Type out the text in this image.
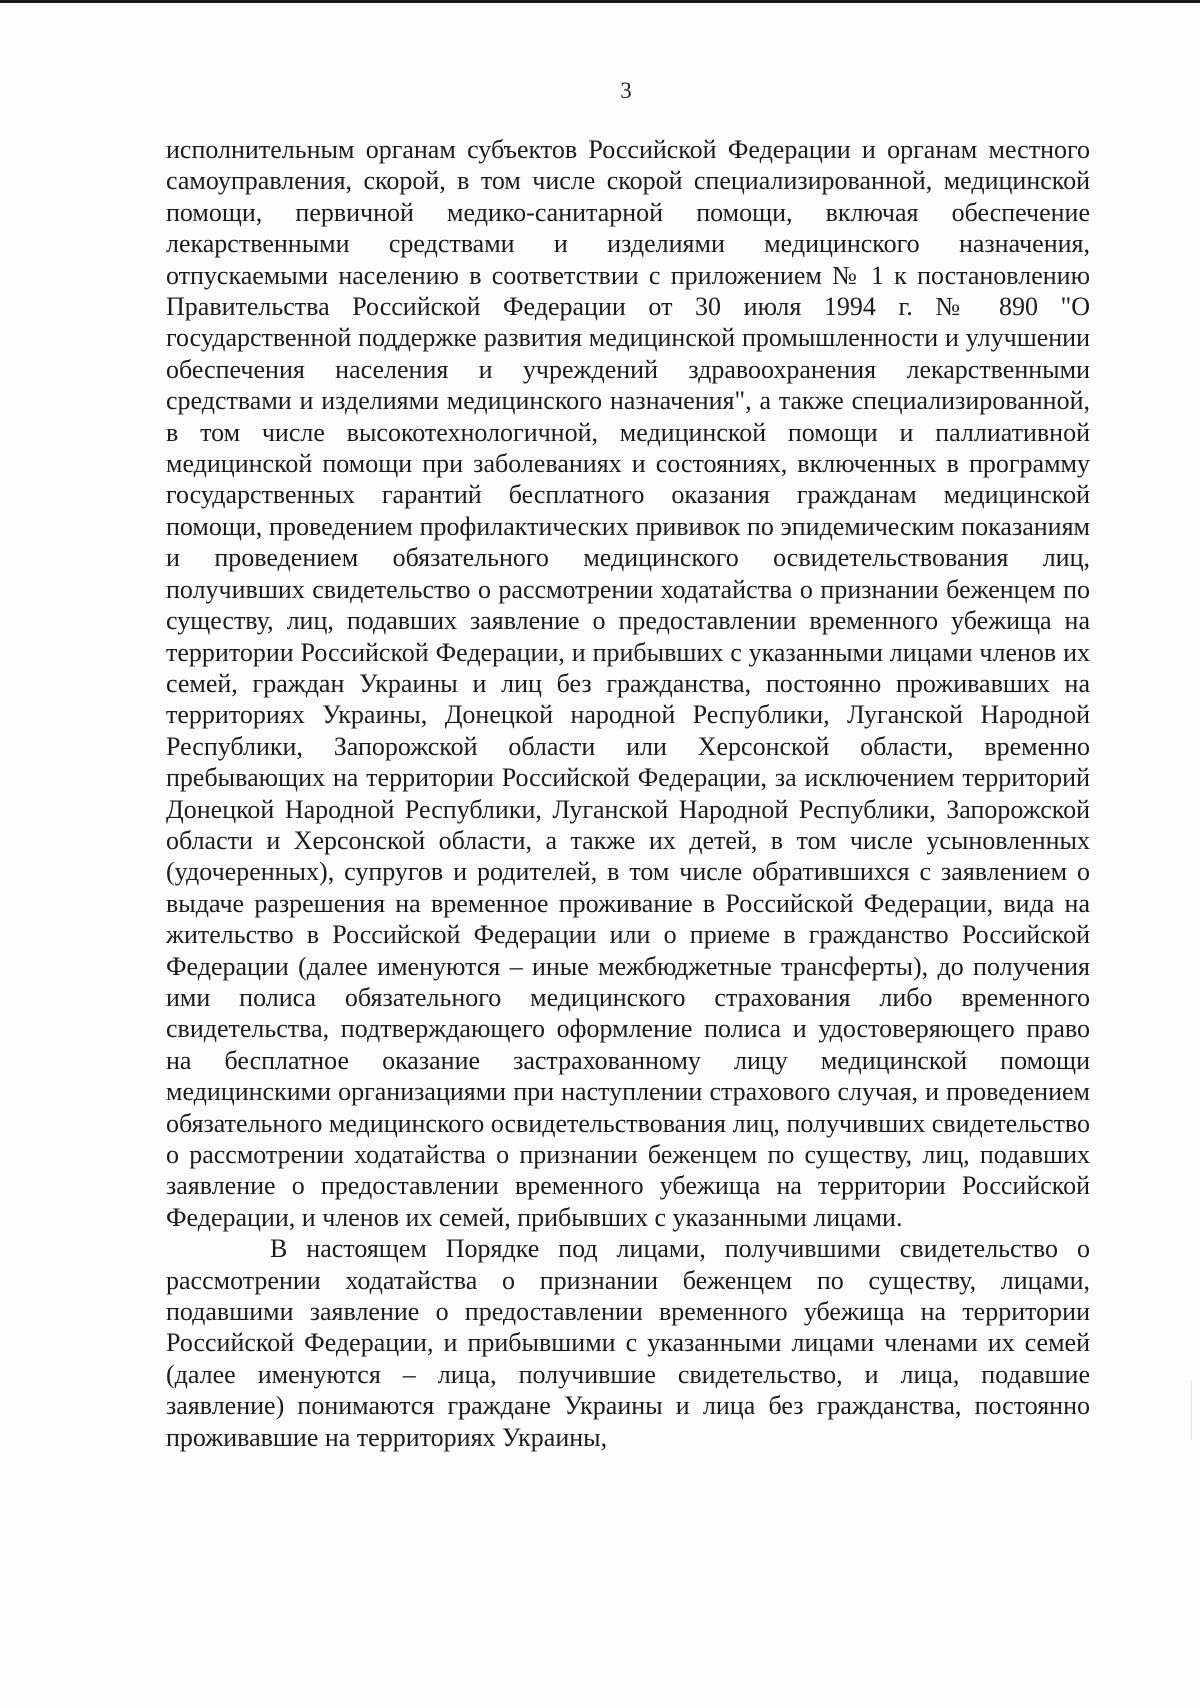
3

исполнительным органам субъектов Российской Федерации и органам местного самоуправления, скорой, в том числе скорой специализированной, медицинской помощи, первичной медико-санитарной помощи, включая обеспечение лекарственными средствами и изделиями медицинского назначения, отпускаемыми населению в соответствии с приложением № 1 к постановлению Правительства Российской Федерации от 30 июля 1994 г. № 890 "О государственной поддержке развития медицинской промышленности и улучшении обеспечения населения и учреждений здравоохранения лекарственными средствами и изделиями медицинского назначения", а также специализированной, в том числе высокотехнологичной, медицинской помощи и паллиативной медицинской помощи при заболеваниях и состояниях, включенных в программу государственных гарантий бесплатного оказания гражданам медицинской помощи, проведением профилактических прививок по эпидемическим показаниям и проведением обязательного медицинского освидетельствования лиц, получивших свидетельство о рассмотрении ходатайства о признании беженцем по существу, лиц, подавших заявление о предоставлении временного убежища на территории Российской Федерации, и прибывших с указанными лицами членов их семей, граждан Украины и лиц без гражданства, постоянно проживавших на территориях Украины, Донецкой народной Республики, Луганской Народной Республики, Запорожской области или Херсонской области, временно пребывающих на территории Российской Федерации, за исключением территорий Донецкой Народной Республики, Луганской Народной Республики, Запорожской области и Херсонской области, а также их детей, в том числе усыновленных (удочеренных), супругов и родителей, в том числе обратившихся с заявлением о выдаче разрешения на временное проживание в Российской Федерации, вида на жительство в Российской Федерации или о приеме в гражданство Российской Федерации (далее именуются – иные межбюджетные трансферты), до получения ими полиса обязательного медицинского страхования либо временного свидетельства, подтверждающего оформление полиса и удостоверяющего право на бесплатное оказание застрахованному лицу медицинской помощи медицинскими организациями при наступлении страхового случая, и проведением обязательного медицинского освидетельствования лиц, получивших свидетельство о рассмотрении ходатайства о признании беженцем по существу, лиц, подавших заявление о предоставлении временного убежища на территории Российской Федерации, и членов их семей, прибывших с указанными лицами.

В настоящем Порядке под лицами, получившими свидетельство о рассмотрении ходатайства о признании беженцем по существу, лицами, подавшими заявление о предоставлении временного убежища на территории Российской Федерации, и прибывшими с указанными лицами членами их семей (далее именуются – лица, получившие свидетельство, и лица, подавшие заявление) понимаются граждане Украины и лица без гражданства, постоянно проживавшие на территориях Украины,
